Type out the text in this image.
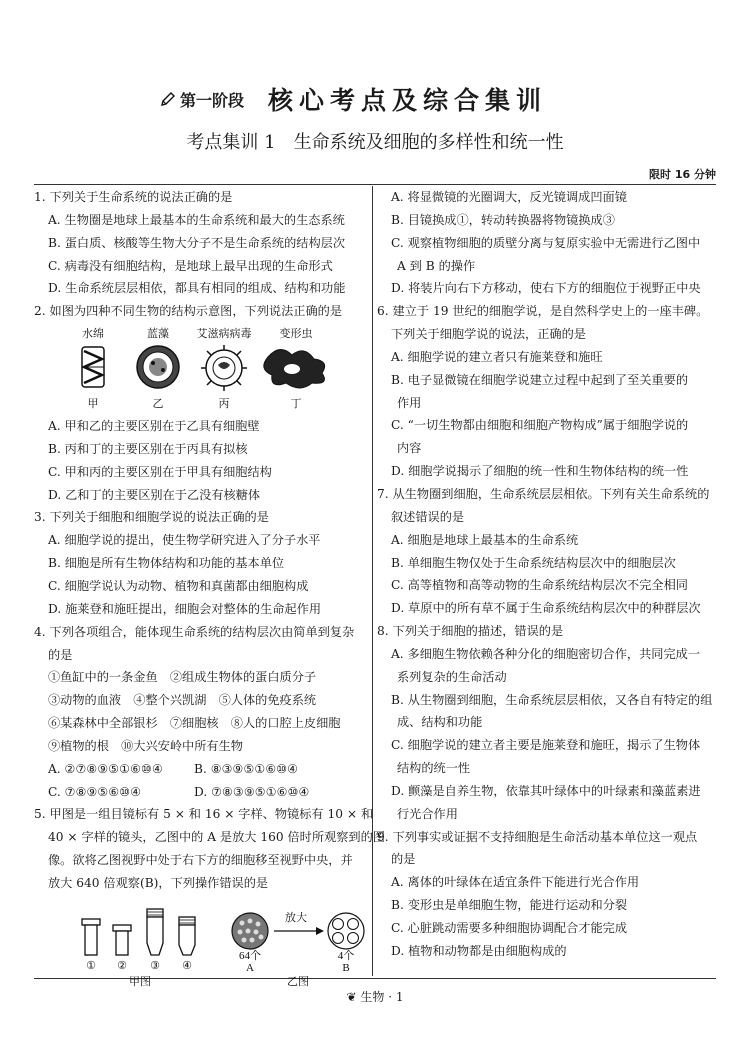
第一阶段 核心考点及综合集训
考点集训 1　生命系统及细胞的多样性和统一性
限时 16 分钟
1. 下列关于生命系统的说法正确的是
A. 生物圈是地球上最基本的生命系统和最大的生态系统
B. 蛋白质、核酸等生物大分子不是生命系统的结构层次
C. 病毒没有细胞结构，是地球上最早出现的生命形式
D. 生命系统层层相依，都具有相同的组成、结构和功能
2. 如图为四种不同生物的结构示意图，下列说法正确的是
水绵	蓝藻	艾滋病病毒	变形虫
甲	乙	丙	丁
A. 甲和乙的主要区别在于乙具有细胞壁
B. 丙和丁的主要区别在于丙具有拟核
C. 甲和丙的主要区别在于甲具有细胞结构
D. 乙和丁的主要区别在于乙没有核糖体
3. 下列关于细胞和细胞学说的说法正确的是
A. 细胞学说的提出，使生物学研究进入了分子水平
B. 细胞是所有生物体结构和功能的基本单位
C. 细胞学说认为动物、植物和真菌都由细胞构成
D. 施莱登和施旺提出，细胞会对整体的生命起作用
4. 下列各项组合，能体现生命系统的结构层次由简单到复杂
的是
①鱼缸中的一条金鱼　②组成生物体的蛋白质分子
③动物的血液　④整个兴凯湖　⑤人体的免疫系统
⑥某森林中全部银杉　⑦细胞核　⑧人的口腔上皮细胞
⑨植物的根　⑩大兴安岭中所有生物
A. ②⑦⑧⑨⑤①⑥⑩④	B. ⑧③⑨⑤①⑥⑩④
C. ⑦⑧⑨⑤⑥⑩④	D. ⑦⑧③⑨⑤①⑥⑩④
5. 甲图是一组目镜标有 5 × 和 16 × 字样、物镜标有 10 × 和
40 × 字样的镜头，乙图中的 A 是放大 160 倍时所观察到的图
像。欲将乙图视野中处于右下方的细胞移至视野中央，并
放大 640 倍观察(B)，下列操作错误的是
① ② ③ ④
甲图	乙图
放大
64个	4个
A	B
A. 将显微镜的光圈调大，反光镜调成凹面镜
B. 目镜换成①，转动转换器将物镜换成③
C. 观察植物细胞的质壁分离与复原实验中无需进行乙图中
A 到 B 的操作
D. 将装片向右下方移动，使右下方的细胞位于视野正中央
6. 建立于 19 世纪的细胞学说，是自然科学史上的一座丰碑。
下列关于细胞学说的说法，正确的是
A. 细胞学说的建立者只有施莱登和施旺
B. 电子显微镜在细胞学说建立过程中起到了至关重要的
作用
C. “一切生物都由细胞和细胞产物构成”属于细胞学说的
内容
D. 细胞学说揭示了细胞的统一性和生物体结构的统一性
7. 从生物圈到细胞，生命系统层层相依。下列有关生命系统的
叙述错误的是
A. 细胞是地球上最基本的生命系统
B. 单细胞生物仅处于生命系统结构层次中的细胞层次
C. 高等植物和高等动物的生命系统结构层次不完全相同
D. 草原中的所有草不属于生命系统结构层次中的种群层次
8. 下列关于细胞的描述，错误的是
A. 多细胞生物依赖各种分化的细胞密切合作，共同完成一
系列复杂的生命活动
B. 从生物圈到细胞，生命系统层层相依，又各自有特定的组
成、结构和功能
C. 细胞学说的建立者主要是施莱登和施旺，揭示了生物体
结构的统一性
D. 颤藻是自养生物，依靠其叶绿体中的叶绿素和藻蓝素进
行光合作用
9. 下列事实或证据不支持细胞是生命活动基本单位这一观点
的是
A. 离体的叶绿体在适宜条件下能进行光合作用
B. 变形虫是单细胞生物，能进行运动和分裂
C. 心脏跳动需要多种细胞协调配合才能完成
D. 植物和动物都是由细胞构成的
❦ 生物 · 1
